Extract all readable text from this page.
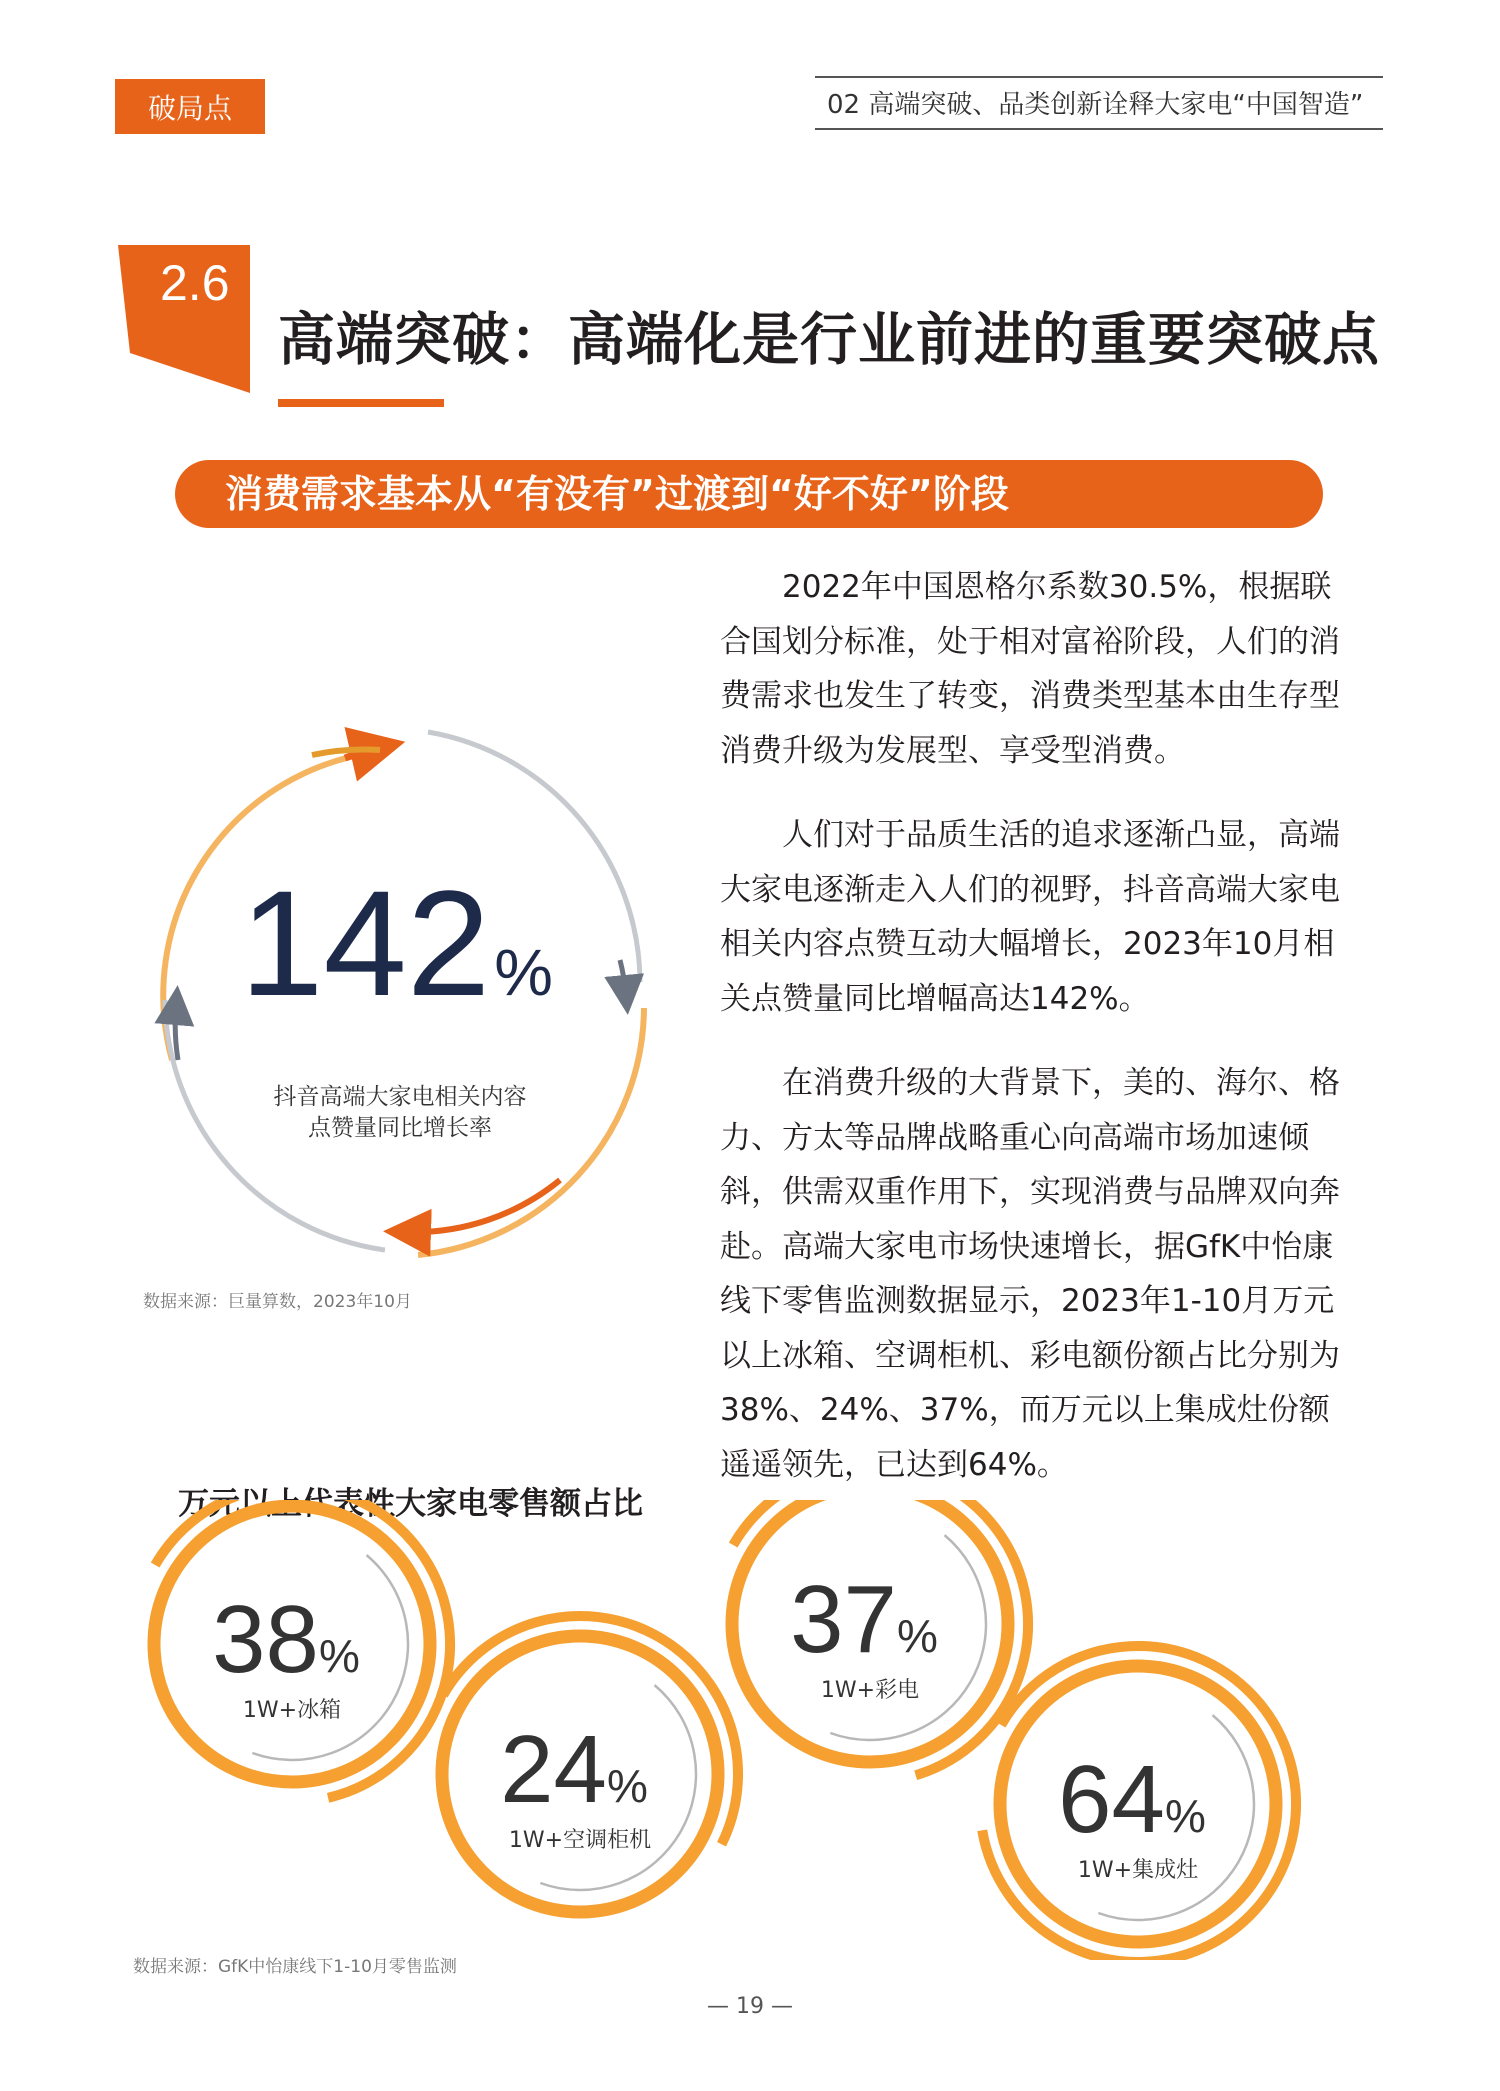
破局点	02 高端突破、品类创新诠释大家电“中国智造”
2.6
高端突破：高端化是行业前进的重要突破点
消费需求基本从“有没有”过渡到“好不好”阶段

2022年中国恩格尔系数30.5%，根据联合国划分标准，处于相对富裕阶段，人们的消费需求也发生了转变，消费类型基本由生存型消费升级为发展型、享受型消费。

人们对于品质生活的追求逐渐凸显，高端大家电逐渐走入人们的视野，抖音高端大家电相关内容点赞互动大幅增长，2023年10月相关点赞量同比增幅高达142%。

在消费升级的大背景下，美的、海尔、格力、方太等品牌战略重心向高端市场加速倾斜，供需双重作用下，实现消费与品牌双向奔赴。高端大家电市场快速增长，据GfK中怡康线下零售监测数据显示，2023年1-10月万元以上冰箱、空调柜机、彩电额份额占比分别为38%、24%、37%，而万元以上集成灶份额遥遥领先，已达到64%。

142%
抖音高端大家电相关内容
点赞量同比增长率
数据来源：巨量算数，2023年10月
万元以上代表性大家电零售额占比
38%
1W+冰箱
24%
1W+空调柜机
37%
1W+彩电
64%
1W+集成灶
数据来源：GfK中怡康线下1-10月零售监测
— 19 —
